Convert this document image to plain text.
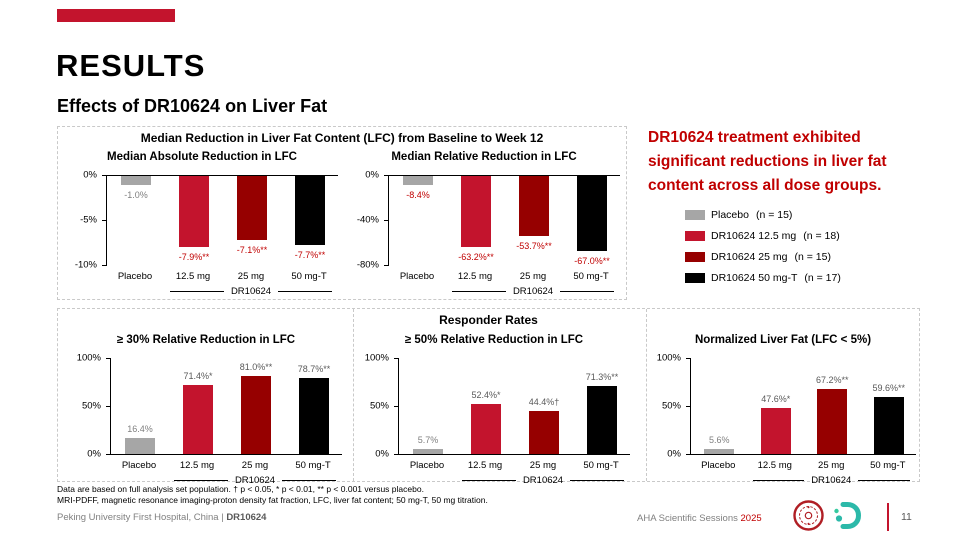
RESULTS
Effects of DR10624 on Liver Fat
Median Reduction in Liver Fat Content (LFC) from Baseline to Week 12
Median Absolute Reduction in LFC
0%
-5%
-10%
-1.0%
-7.9%**
-7.1%**	-7.7%**
Placebo	12.5 mg	25 mg	50 mg-T
DR10624
Median Relative Reduction in LFC
0%
-40%
-80%
-8.4%
-63.2%**
-53.7%**
-67.0%**
Placebo	12.5 mg	25 mg	50 mg-T
DR10624
DR10624 treatment exhibited significant reductions in liver fat content across all dose groups.
Placebo (n = 15)
DR10624 12.5 mg (n = 18)
DR10624 25 mg (n = 15)
DR10624 50 mg-T (n = 17)
Responder Rates
≥ 30% Relative Reduction in LFC
100%
50%
0%
16.4%
71.4%*
81.0%**	78.7%**
Placebo	12.5 mg	25 mg	50 mg-T
DR10624
≥ 50% Relative Reduction in LFC
100%
50%
0%
5.7%
52.4%*
44.4%†
71.3%**
Placebo	12.5 mg	25 mg	50 mg-T
DR10624
Normalized Liver Fat (LFC < 5%)
100%
50%
0%
5.6%
47.6%*
67.2%**
59.6%**
Placebo	12.5 mg	25 mg	50 mg-T
DR10624
Data are based on full analysis set population. † p < 0.05, * p < 0.01, ** p < 0.001 versus placebo.
MRI-PDFF, magnetic resonance imaging-proton density fat fraction, LFC, liver fat content; 50 mg-T, 50 mg titration.
Peking University First Hospital, China | DR10624	AHA Scientific Sessions 2025	11
